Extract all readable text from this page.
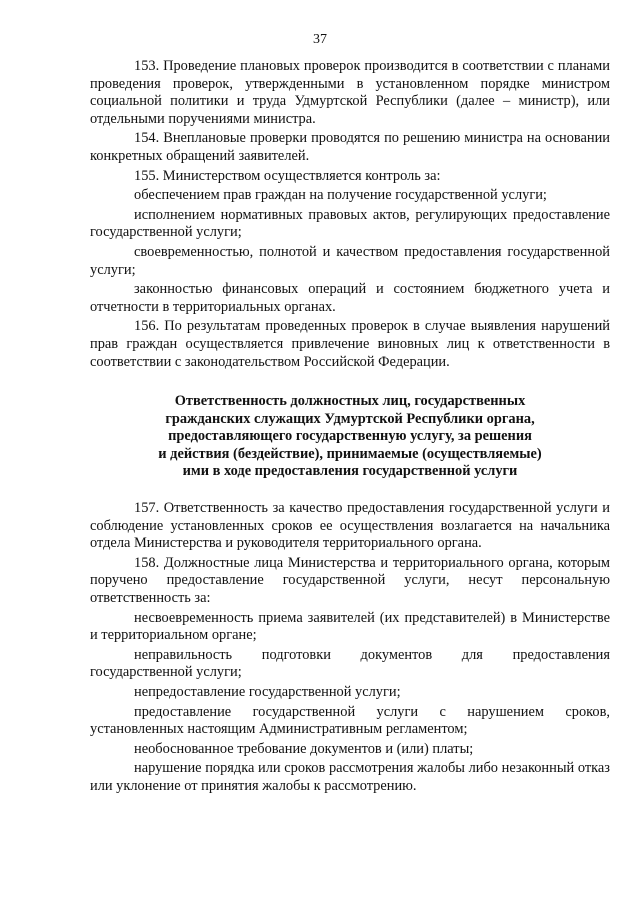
37

153. Проведение плановых проверок производится в соответствии с планами проведения проверок, утвержденными в установленном порядке министром социальной политики и труда Удмуртской Республики (далее – министр), или отдельными поручениями министра.

154. Внеплановые проверки проводятся по решению министра на основании конкретных обращений заявителей.

155. Министерством осуществляется контроль за:

обеспечением прав граждан на получение государственной услуги;

исполнением нормативных правовых актов, регулирующих предоставление государственной услуги;

своевременностью, полнотой и качеством предоставления государственной услуги;

законностью финансовых операций и состоянием бюджетного учета и отчетности в территориальных органах.

156. По результатам проведенных проверок в случае выявления нарушений прав граждан осуществляется привлечение виновных лиц к ответственности в соответствии с законодательством Российской Федерации.

Ответственность должностных лиц, государственных
гражданских служащих Удмуртской Республики органа,
предоставляющего государственную услугу, за решения
и действия (бездействие), принимаемые (осуществляемые)
ими в ходе предоставления государственной услуги

157. Ответственность за качество предоставления государственной услуги и соблюдение установленных сроков ее осуществления возлагается на начальника отдела Министерства и руководителя территориального органа.

158. Должностные лица Министерства и территориального органа, которым поручено предоставление государственной услуги, несут персональную ответственность за:

несвоевременность приема заявителей (их представителей) в Министерстве и территориальном органе;

неправильность подготовки документов для предоставления государственной услуги;

непредоставление государственной услуги;

предоставление государственной услуги с нарушением сроков, установленных настоящим Административным регламентом;

необоснованное требование документов и (или) платы;

нарушение порядка или сроков рассмотрения жалобы либо незаконный отказ или уклонение от принятия жалобы к рассмотрению.
